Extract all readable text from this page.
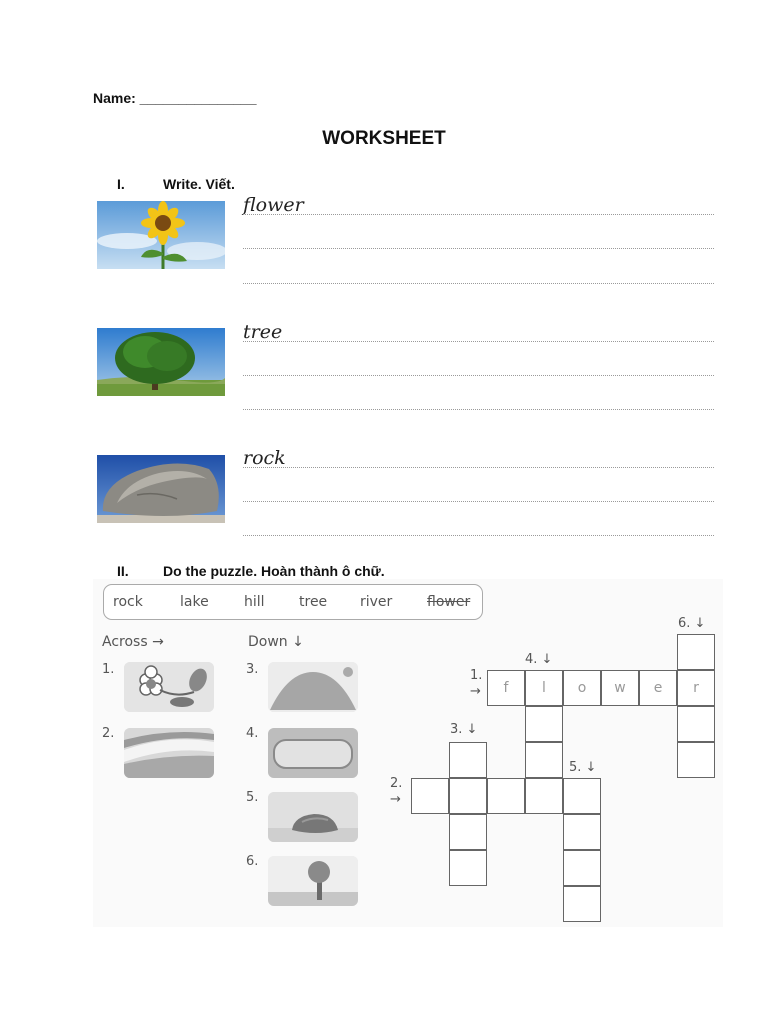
Name: _______________
WORKSHEET
I.	Write. Viết.
flower
tree
rock
II. Do the puzzle. Hoàn thành ô chữ.
rock	lake	hill tree river flower
Across →	Down ↓
1.
2.
3.
4.
5.
6.
1.
→
2.
→
3. ↓
4. ↓
5. ↓
6. ↓
f	l	o	w	e	r
